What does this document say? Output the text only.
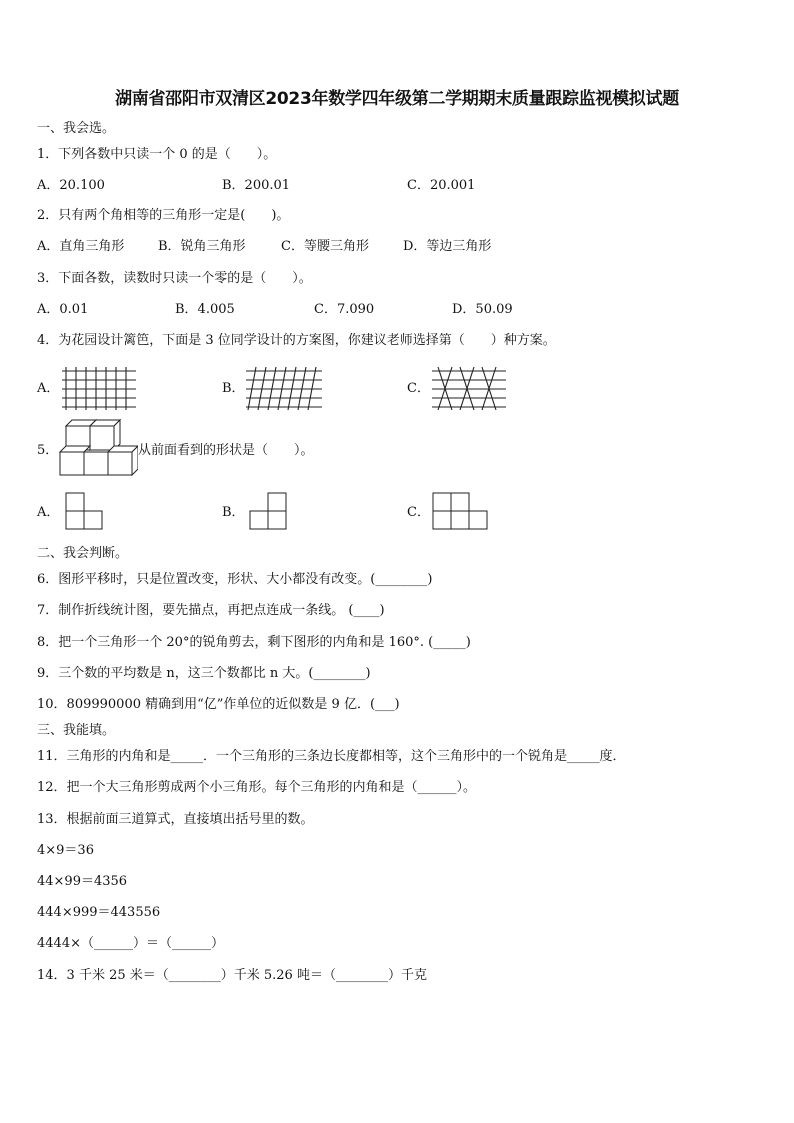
湖南省邵阳市双清区2023年数学四年级第二学期期末质量跟踪监视模拟试题
一、我会选。
1．下列各数中只读一个 0 的是（　　）。
A．20.100	B．200.01	C．20.001
2．只有两个角相等的三角形一定是(　　)。
A．直角三角形	B．锐角三角形	C．等腰三角形	D．等边三角形
3．下面各数，读数时只读一个零的是（　　）。
A．0.01	B．4.005	C．7.090	D．50.09
4．为花园设计篱笆，下面是 3 位同学设计的方案图，你建议老师选择第（　　）种方案。
A．	B．	C．
5．	从前面看到的形状是（　　）。
A．	B．	C．
二、我会判断。
6．图形平移时，只是位置改变，形状、大小都没有改变。(________)
7．制作折线统计图，要先描点，再把点连成一条线。 (____)
8．把一个三角形一个 20°的锐角剪去，剩下图形的内角和是 160°. (_____)
9．三个数的平均数是 n，这三个数都比 n 大。(________)
10．809990000 精确到用“亿”作单位的近似数是 9 亿．(___)
三、我能填。
11．三角形的内角和是_____．一个三角形的三条边长度都相等，这个三角形中的一个锐角是_____度．
12．把一个大三角形剪成两个小三角形。每个三角形的内角和是（______）。
13．根据前面三道算式，直接填出括号里的数。
4×9＝36
44×99＝4356
444×999＝443556
4444×（______）＝（______）
14．3 千米 25 米＝（________）千米 5.26 吨＝（________）千克
